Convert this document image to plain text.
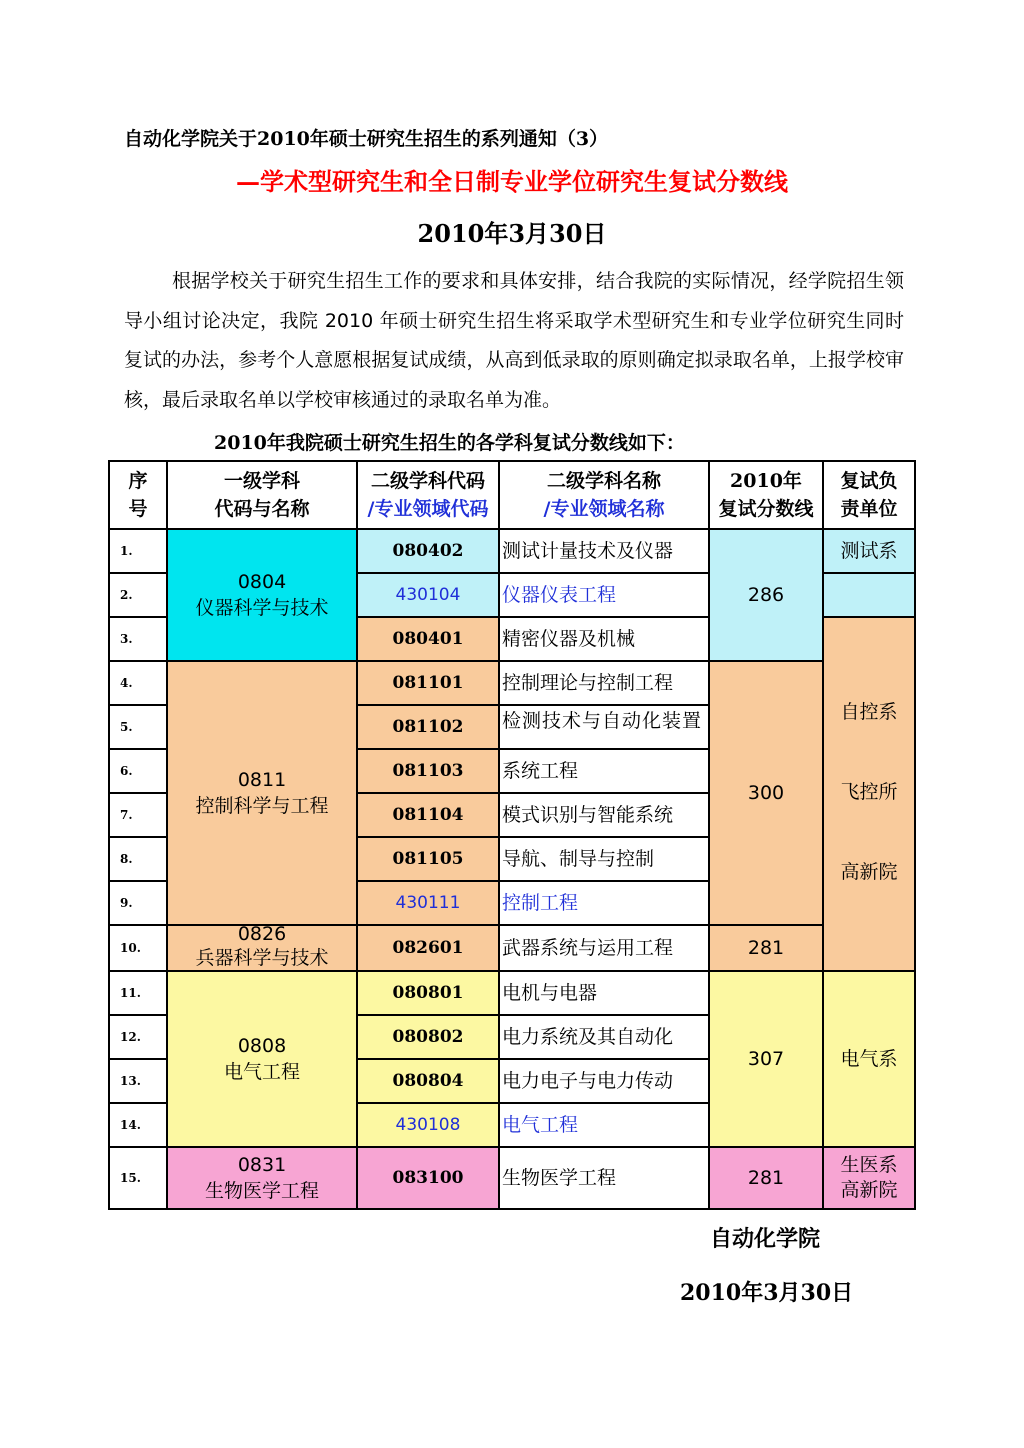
自动化学院关于2010年硕士研究生招生的系列通知（3）
—学术型研究生和全日制专业学位研究生复试分数线
2010年3月30日
根据学校关于研究生招生工作的要求和具体安排，结合我院的实际情况，经学院招生领导小组讨论决定，我院 2010 年硕士研究生招生将采取学术型研究生和专业学位研究生同时复试的办法，参考个人意愿根据复试成绩，从高到低录取的原则确定拟录取名单，上报学校审核，最后录取名单以学校审核通过的录取名单为准。
2010年我院硕士研究生招生的各学科复试分数线如下：
序
号
一级学科
代码与名称
二级学科代码
/专业领域代码
二级学科名称
/专业领域名称
2010年
复试分数线
复试负
责单位
1.
2.
3.
4.
5.
6.
7.
8.
9.
10.
11.
12.
13.
14.
15.
0804
仪器科学与技术
0811
控制科学与工程
0826
兵器科学与技术
0808
电气工程
0831
生物医学工程
080402
430104
080401
081101
081102
081103
081104
081105
430111
082601
080801
080802
080804
430108
083100
测试计量技术及仪器
仪器仪表工程
精密仪器及机械
控制理论与控制工程
检测技术与自动化装置
系统工程
模式识别与智能系统
导航、制导与控制
控制工程
武器系统与运用工程
电机与电器
电力系统及其自动化
电力电子与电力传动
电气工程
生物医学工程
286
300
281
307
281
测试系
自控系
飞控所
高新院
电气系
生医系
高新院
自动化学院
2010年3月30日
